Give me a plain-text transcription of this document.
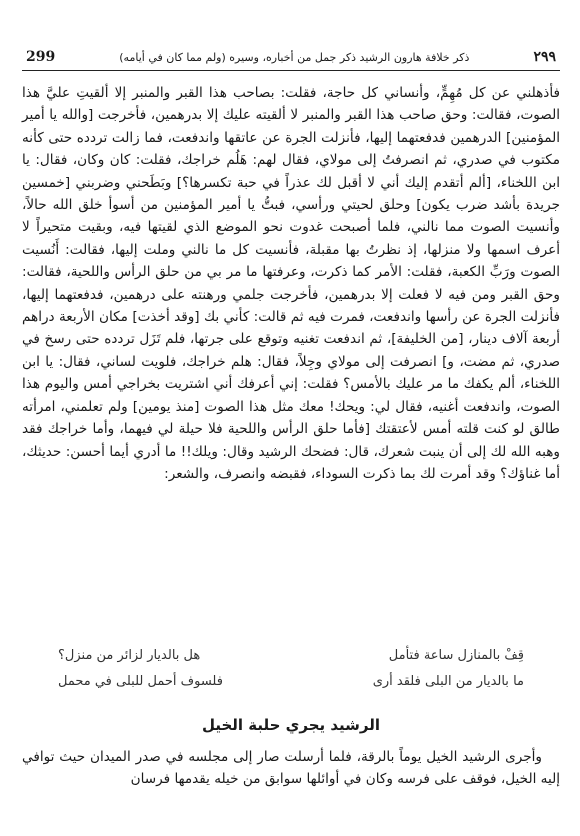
299	ذكر خلافة هارون الرشيد ذكر جمل من أخباره، وسيره (ولم مما كان في أيامه)	٢٩٩

فأذهلني عن كل مُهِمٍّ، وأنساني كل حاجة، فقلت: بصاحب هذا القبر والمنبر إلا ألقيتِ عليَّ هذا الصوت، فقالت: وحق صاحب هذا القبر والمنبر لا ألقيته عليك إلا بدرهمين، فأخرجت [والله يا أمير المؤمنين] الدرهمين فدفعتهما إليها، فأنزلت الجرة عن عاتقها واندفعت، فما زالت تردده حتى كأنه مكتوب في صدري، ثم انصرفتُ إلى مولاي، فقال لهم: هَلُم خراجك، فقلت: كان وكان، فقال: يا ابن اللخناء، [ألم أتقدم إليك أني لا أقبل لك عذراً في حبة تكسرها؟] وبَطَحني وضربني [خمسين جريدة بأشد ضرب يكون] وحلق لحيتي ورأسي، فبتُّ يا أمير المؤمنين من أسوأ خلق الله حالاً، وأنسيت الصوت مما نالني، فلما أصبحت غدوت نحو الموضع الذي لقيتها فيه، وبقيت متحيراً لا أعرف اسمها ولا منزلها، إذ نظرتُ بها مقبلة، فأنسيت كل ما نالني وملت إليها، فقالت: أَنُسيت الصوت ورَبِّ الكعبة، فقلت: الأمر كما ذكرت، وعرفتها ما مر بي من حلق الرأس واللحية، فقالت: وحق القبر ومن فيه لا فعلت إلا بدرهمين، فأخرجت جلمي ورهنته على درهمين، فدفعتهما إليها، فأنزلت الجرة عن رأسها واندفعت، فمرت فيه ثم قالت: كأني بك [وقد أخذت] مكان الأربعة دراهم أربعة آلاف دينار، [من الخليفة]، ثم اندفعت تغنيه وتوقع على جرتها، فلم تَزَل تردده حتى رسخ في صدري، ثم مضت، و] انصرفت إلى مولاي وجِلاً، فقال: هلم خراجك، فلويت لساني، فقال: يا ابن اللخناء، ألم يكفك ما مر عليك بالأمس؟ فقلت: إني أعرفك أني اشتريت بخراجي أمس واليوم هذا الصوت، واندفعت أغنيه، فقال لي: ويحك! معك مثل هذا الصوت [منذ يومين] ولم تعلمني، امرأته طالق لو كنت قلته أمس لأعتقتك [فأما حلق الرأس واللحية فلا حيلة لي فيهما، وأما خراجك فقد وهبه الله لك إلى أن ينبت شعرك، قال: فضحك الرشيد وقال: ويلك!! ما أدري أيما أحسن: حديثك، أما غناؤك؟ وقد أمرت لك بما ذكرت السوداء، فقبضه وانصرف، والشعر:

قِفْ بالمنازل ساعة فتأمل
هل بالديار لزائر من منزل؟
ما بالديار من البلى فلقد أرى
فلسوف أحمل للبلى في محمل
الرشيد يجري حلبة الخيل

وأجرى الرشيد الخيل يوماً بالرقة، فلما أرسلت صار إلى مجلسه في صدر الميدان حيث توافي إليه الخيل، فوقف على فرسه وكان في أوائلها سوابق من خيله يقدمها فرسان
